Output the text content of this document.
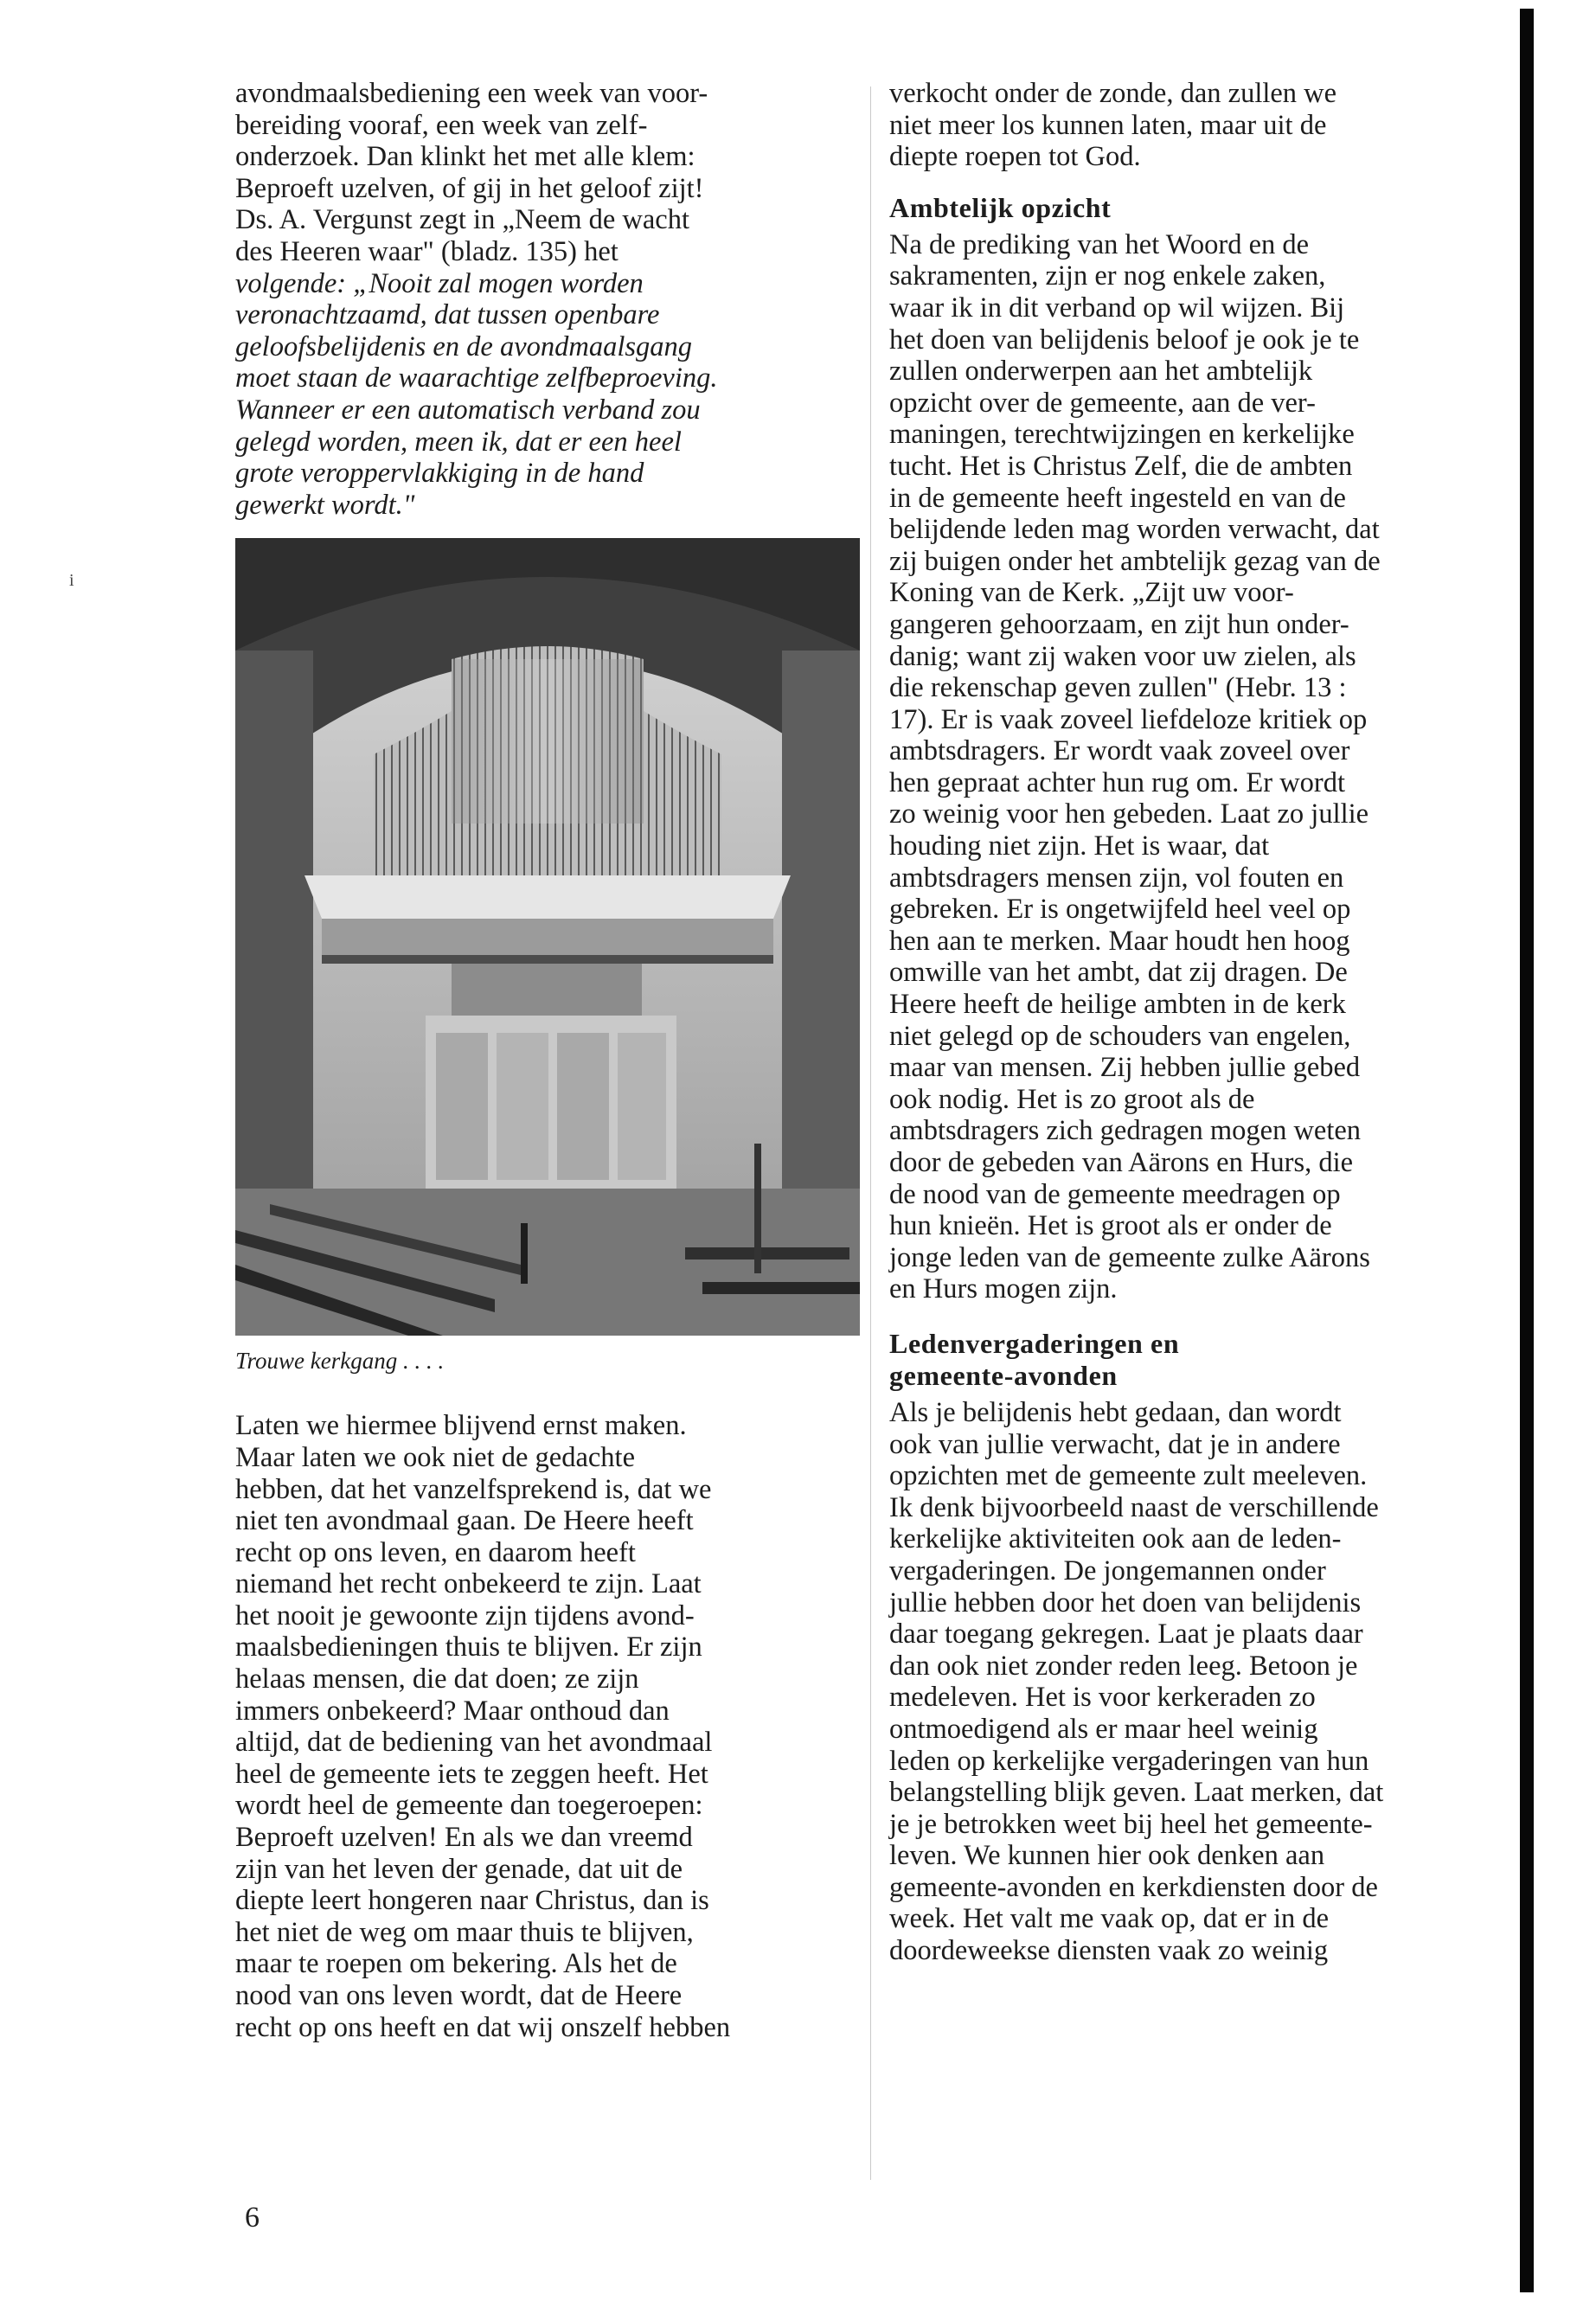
i
avondmaalsbediening een week van voor-
bereiding vooraf, een week van zelf-
onderzoek. Dan klinkt het met alle klem:
Beproeft uzelven, of gij in het geloof zijt!
Ds. A. Vergunst zegt in „Neem de wacht
des Heeren waar" (bladz. 135) het
volgende: „Nooit zal mogen worden
veronachtzaamd, dat tussen openbare
geloofsbelijdenis en de avondmaalsgang
moet staan de waarachtige zelfbeproeving.
Wanneer er een automatisch verband zou
gelegd worden, meen ik, dat er een heel
grote veroppervlakkiging in de hand
gewerkt wordt."
Trouwe kerkgang . . . .
Laten we hiermee blijvend ernst maken.
Maar laten we ook niet de gedachte
hebben, dat het vanzelfsprekend is, dat we
niet ten avondmaal gaan. De Heere heeft
recht op ons leven, en daarom heeft
niemand het recht onbekeerd te zijn. Laat
het nooit je gewoonte zijn tijdens avond-
maalsbedieningen thuis te blijven. Er zijn
helaas mensen, die dat doen; ze zijn
immers onbekeerd? Maar onthoud dan
altijd, dat de bediening van het avondmaal
heel de gemeente iets te zeggen heeft. Het
wordt heel de gemeente dan toegeroepen:
Beproeft uzelven! En als we dan vreemd
zijn van het leven der genade, dat uit de
diepte leert hongeren naar Christus, dan is
het niet de weg om maar thuis te blijven,
maar te roepen om bekering. Als het de
nood van ons leven wordt, dat de Heere
recht op ons heeft en dat wij onszelf hebben
verkocht onder de zonde, dan zullen we
niet meer los kunnen laten, maar uit de
diepte roepen tot God.
Ambtelijk opzicht
Na de prediking van het Woord en de
sakramenten, zijn er nog enkele zaken,
waar ik in dit verband op wil wijzen. Bij
het doen van belijdenis beloof je ook je te
zullen onderwerpen aan het ambtelijk
opzicht over de gemeente, aan de ver-
maningen, terechtwijzingen en kerkelijke
tucht. Het is Christus Zelf, die de ambten
in de gemeente heeft ingesteld en van de
belijdende leden mag worden verwacht, dat
zij buigen onder het ambtelijk gezag van de
Koning van de Kerk. „Zijt uw voor-
gangeren gehoorzaam, en zijt hun onder-
danig; want zij waken voor uw zielen, als
die rekenschap geven zullen" (Hebr. 13 :
17). Er is vaak zoveel liefdeloze kritiek op
ambtsdragers. Er wordt vaak zoveel over
hen gepraat achter hun rug om. Er wordt
zo weinig voor hen gebeden. Laat zo jullie
houding niet zijn. Het is waar, dat
ambtsdragers mensen zijn, vol fouten en
gebreken. Er is ongetwijfeld heel veel op
hen aan te merken. Maar houdt hen hoog
omwille van het ambt, dat zij dragen. De
Heere heeft de heilige ambten in de kerk
niet gelegd op de schouders van engelen,
maar van mensen. Zij hebben jullie gebed
ook nodig. Het is zo groot als de
ambtsdragers zich gedragen mogen weten
door de gebeden van Aärons en Hurs, die
de nood van de gemeente meedragen op
hun knieën. Het is groot als er onder de
jonge leden van de gemeente zulke Aärons
en Hurs mogen zijn.
Ledenvergaderingen en
gemeente-avonden
Als je belijdenis hebt gedaan, dan wordt
ook van jullie verwacht, dat je in andere
opzichten met de gemeente zult meeleven.
Ik denk bijvoorbeeld naast de verschillende
kerkelijke aktiviteiten ook aan de leden-
vergaderingen. De jongemannen onder
jullie hebben door het doen van belijdenis
daar toegang gekregen. Laat je plaats daar
dan ook niet zonder reden leeg. Betoon je
medeleven. Het is voor kerkeraden zo
ontmoedigend als er maar heel weinig
leden op kerkelijke vergaderingen van hun
belangstelling blijk geven. Laat merken, dat
je je betrokken weet bij heel het gemeente-
leven. We kunnen hier ook denken aan
gemeente-avonden en kerkdiensten door de
week. Het valt me vaak op, dat er in de
doordeweekse diensten vaak zo weinig
6
